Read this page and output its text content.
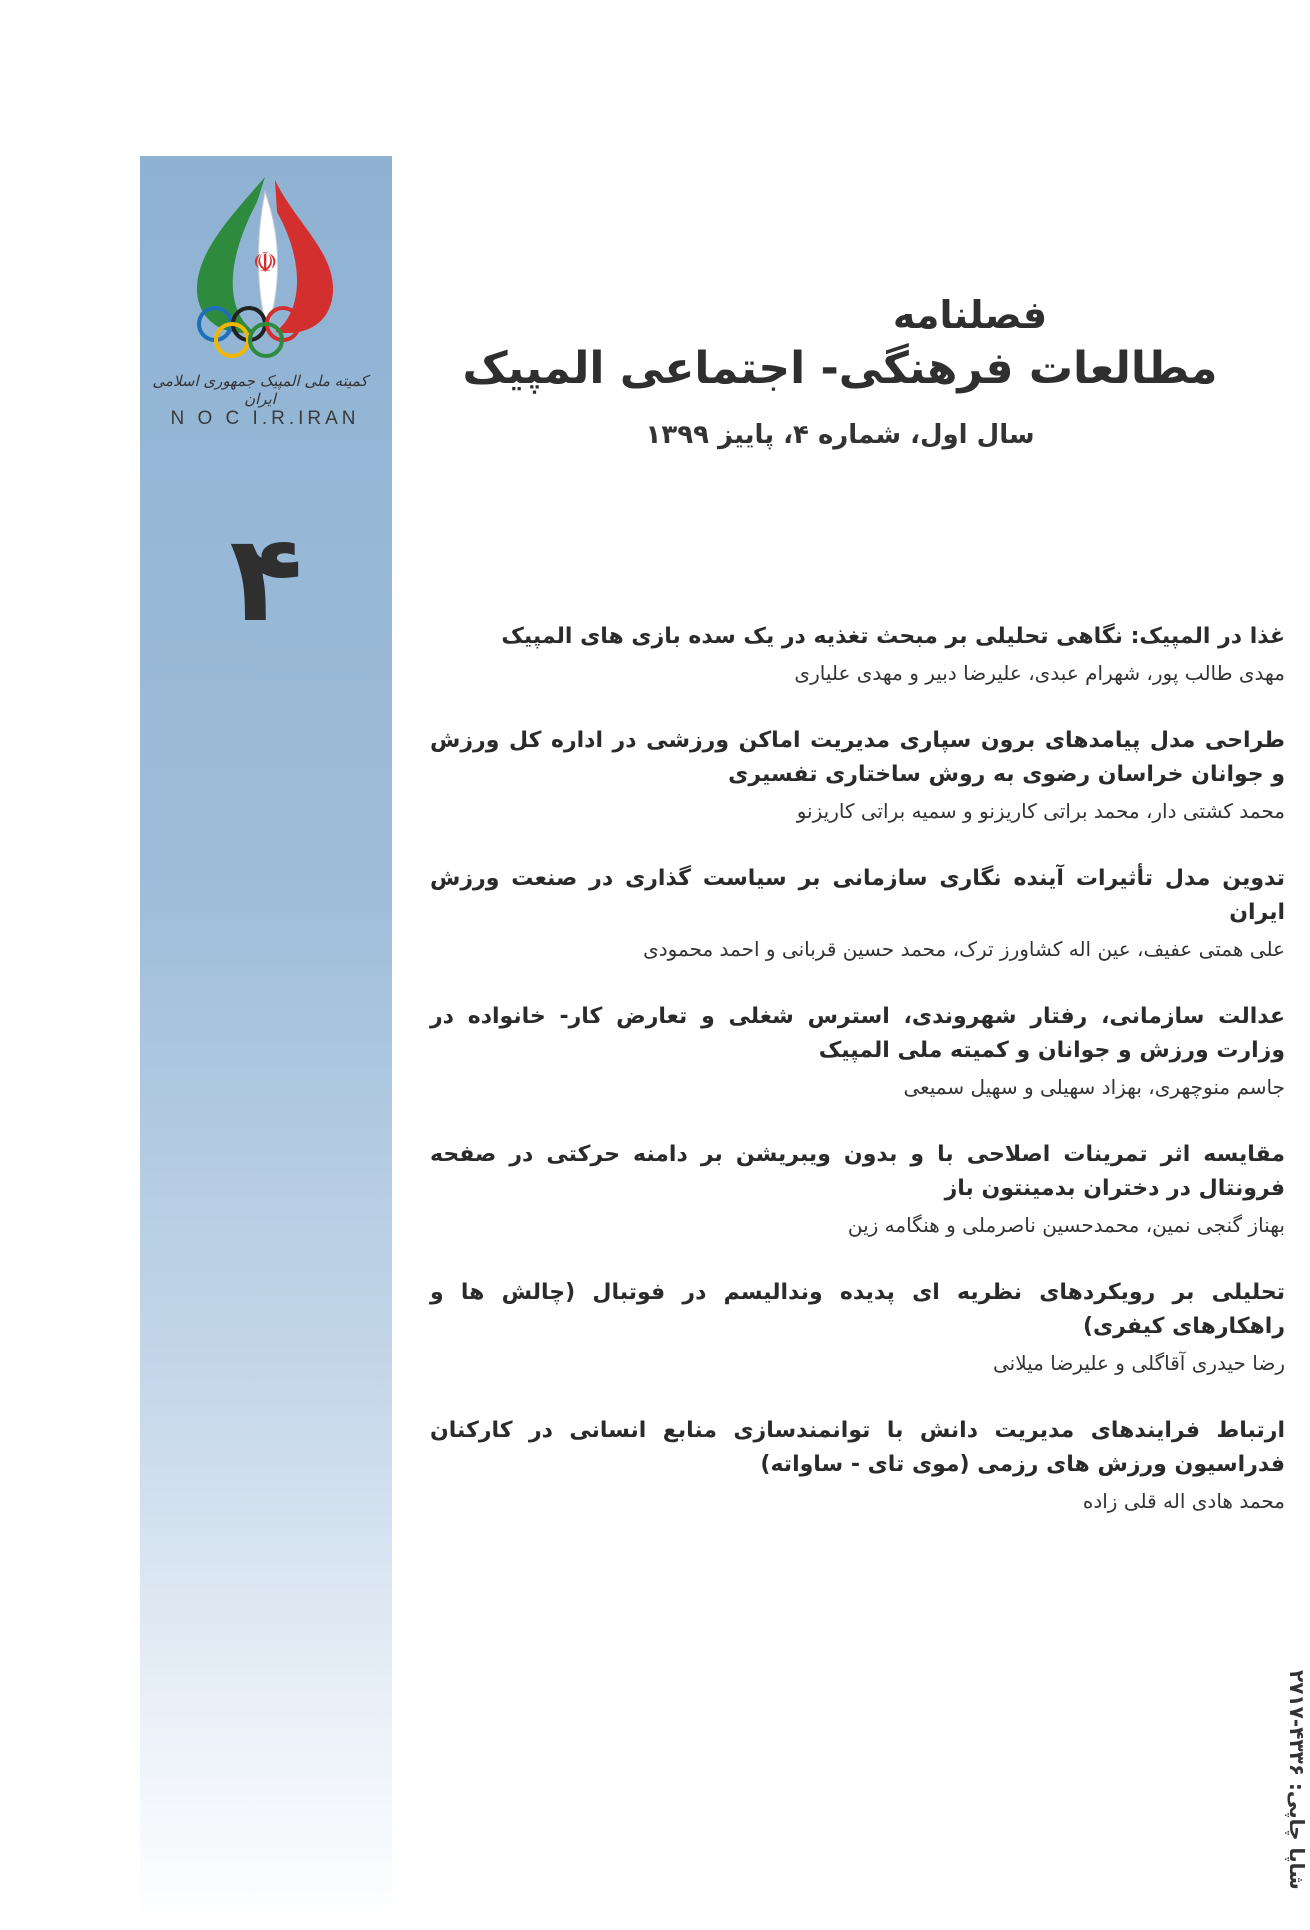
☫
کمیته ملی المپیک جمهوری اسلامی ایران
N O C I.R.IRAN
۴
فصلنامه
مطالعات فرهنگی- اجتماعی المپیک
سال اول، شماره ۴، پاییز ۱۳۹۹

غذا در المپیک: نگاهی تحلیلی بر مبحث تغذیه در یک سده بازی های المپیک

مهدی طالب پور، شهرام عبدی، علیرضا دبیر و مهدی علیاری

طراحی مدل پیامدهای برون سپاری مدیریت اماکن ورزشی در اداره کل ورزش و جوانان خراسان رضوی به روش ساختاری تفسیری

محمد کشتی دار، محمد براتی کاریزنو و سمیه براتی کاریزنو

تدوین مدل تأثیرات آینده نگاری سازمانی بر سیاست گذاری در صنعت ورزش ایران

علی همتی عفیف، عین اله کشاورز ترک، محمد حسین قربانی و احمد محمودی

عدالت سازمانی، رفتار شهروندی، استرس شغلی و تعارض کار- خانواده در وزارت ورزش و جوانان و کمیته ملی المپیک

جاسم منوچهری، بهزاد سهیلی و سهیل سمیعی

مقایسه اثر تمرینات اصلاحی با و بدون ویبریشن بر دامنه حرکتی در صفحه فرونتال در دختران بدمینتون باز

بهناز گنجی نمین، محمدحسین ناصرملی و هنگامه زین

تحلیلی بر رویکردهای نظریه ای پدیده وندالیسم در فوتبال (چالش ها و راهکارهای کیفری)

رضا حیدری آقاگلی و علیرضا میلانی

ارتباط فرایندهای مدیریت دانش با توانمندسازی منابع انسانی در کارکنان فدراسیون ورزش های رزمی (موی تای - ساواته)

محمد هادی اله قلی زاده
شاپا چاپی: ۴۳۳۶-۲۷۱۷
